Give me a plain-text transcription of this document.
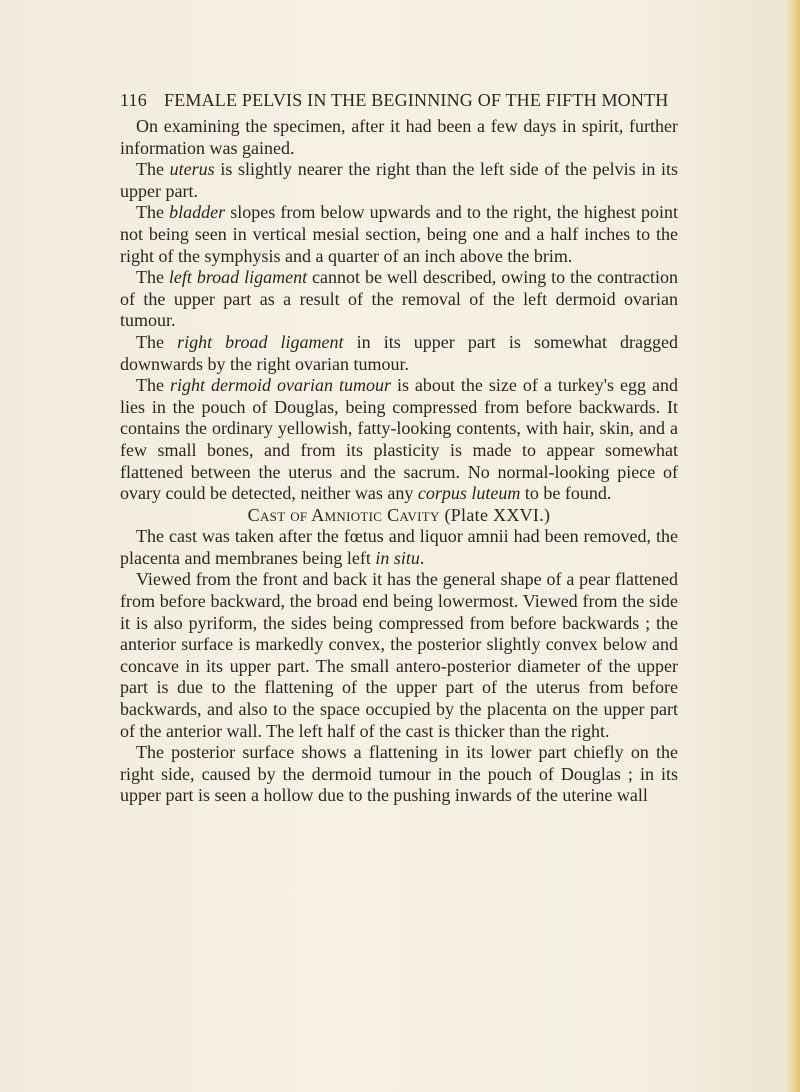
116 FEMALE PELVIS IN THE BEGINNING OF THE FIFTH MONTH

On examining the specimen, after it had been a few days in spirit, further information was gained.

The uterus is slightly nearer the right than the left side of the pelvis in its upper part.

The bladder slopes from below upwards and to the right, the highest point not being seen in vertical mesial section, being one and a half inches to the right of the symphysis and a quarter of an inch above the brim.

The left broad ligament cannot be well described, owing to the contraction of the upper part as a result of the removal of the left dermoid ovarian tumour.

The right broad ligament in its upper part is somewhat dragged downwards by the right ovarian tumour.

The right dermoid ovarian tumour is about the size of a turkey's egg and lies in the pouch of Douglas, being compressed from before backwards. It contains the ordinary yellowish, fatty-looking contents, with hair, skin, and a few small bones, and from its plasticity is made to appear somewhat flattened between the uterus and the sacrum. No normal-looking piece of ovary could be detected, neither was any corpus luteum to be found.

Cast of Amniotic Cavity (Plate XXVI.)

The cast was taken after the fœtus and liquor amnii had been removed, the placenta and membranes being left in situ.

Viewed from the front and back it has the general shape of a pear flattened from before backward, the broad end being lowermost. Viewed from the side it is also pyriform, the sides being compressed from before backwards ; the anterior surface is markedly convex, the posterior slightly convex below and concave in its upper part. The small antero-posterior diameter of the upper part is due to the flattening of the upper part of the uterus from before backwards, and also to the space occupied by the placenta on the upper part of the anterior wall. The left half of the cast is thicker than the right.

The posterior surface shows a flattening in its lower part chiefly on the right side, caused by the dermoid tumour in the pouch of Douglas ; in its upper part is seen a hollow due to the pushing inwards of the uterine wall
